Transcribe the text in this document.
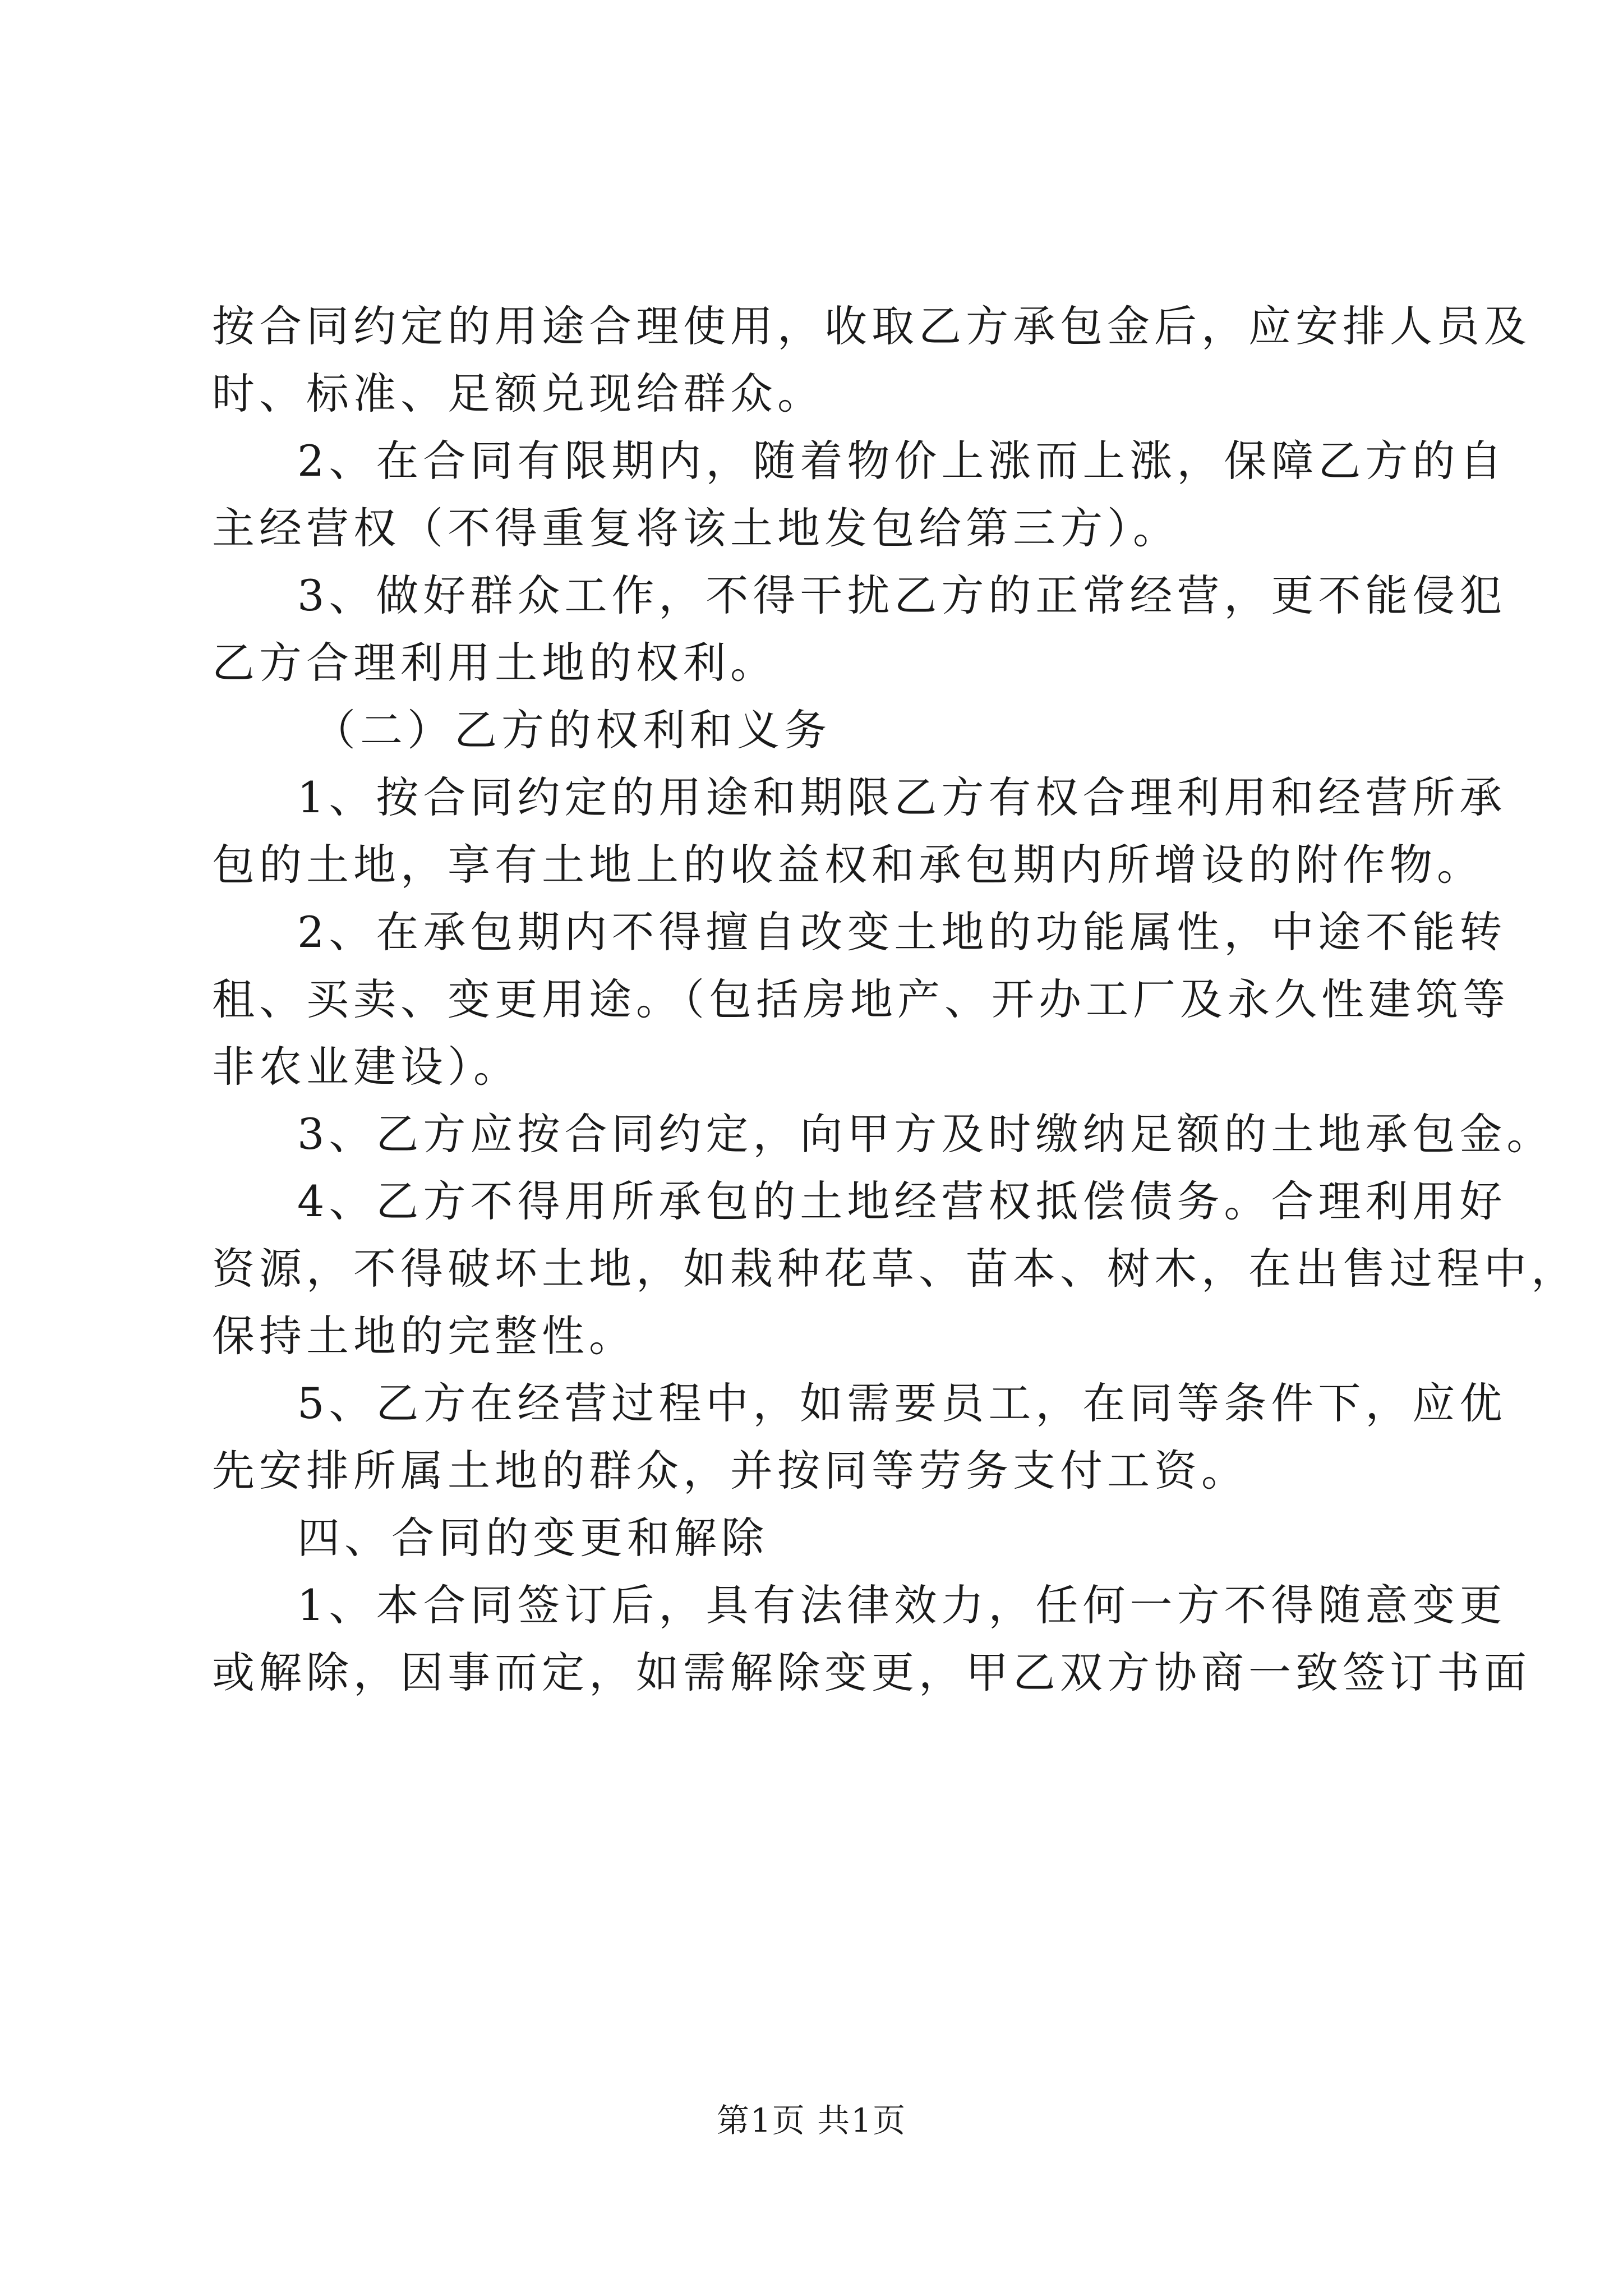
按合同约定的用途合理使用，收取乙方承包金后，应安排人员及
时、标准、足额兑现给群众。
2、在合同有限期内，随着物价上涨而上涨，保障乙方的自
主经营权（不得重复将该土地发包给第三方）。
3、做好群众工作，不得干扰乙方的正常经营，更不能侵犯
乙方合理利用土地的权利。
（二）乙方的权利和义务
1、按合同约定的用途和期限乙方有权合理利用和经营所承
包的土地，享有土地上的收益权和承包期内所增设的附作物。
2、在承包期内不得擅自改变土地的功能属性，中途不能转
租、买卖、变更用途。（包括房地产、开办工厂及永久性建筑等
非农业建设）。
3、乙方应按合同约定，向甲方及时缴纳足额的土地承包金。
4、乙方不得用所承包的土地经营权抵偿债务。合理利用好
资源，不得破坏土地，如栽种花草、苗本、树木，在出售过程中，
保持土地的完整性。
5、乙方在经营过程中，如需要员工，在同等条件下，应优
先安排所属土地的群众，并按同等劳务支付工资。
四、合同的变更和解除
1、本合同签订后，具有法律效力，任何一方不得随意变更
或解除，因事而定，如需解除变更，甲乙双方协商一致签订书面
第1页 共1页
